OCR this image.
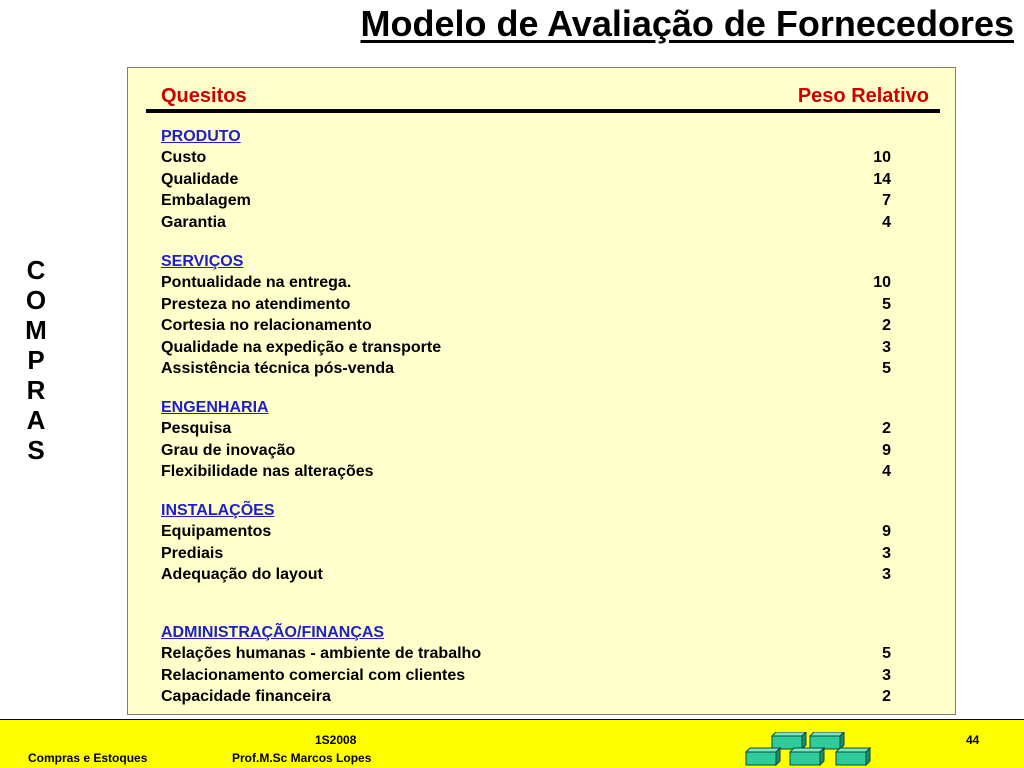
Modelo de Avaliação de Fornecedores
C
O
M
P
R
A
S
Quesitos	Peso Relativo
PRODUTO
Custo	10
Qualidade	14
Embalagem	7
Garantia	4
SERVIÇOS
Pontualidade na entrega.	10
Presteza no atendimento	5
Cortesia no relacionamento	2
Qualidade na expedição e transporte	3
Assistência técnica pós-venda	5
ENGENHARIA
Pesquisa	2
Grau de inovação	9
Flexibilidade nas alterações	4
INSTALAÇÕES
Equipamentos	9
Prediais	3
Adequação do layout	3
ADMINISTRAÇÃO/FINANÇAS
Relações humanas - ambiente de trabalho	5
Relacionamento comercial com clientes	3
Capacidade financeira	2
Compras e Estoques	Prof.M.Sc Marcos Lopes
1S2008	44
